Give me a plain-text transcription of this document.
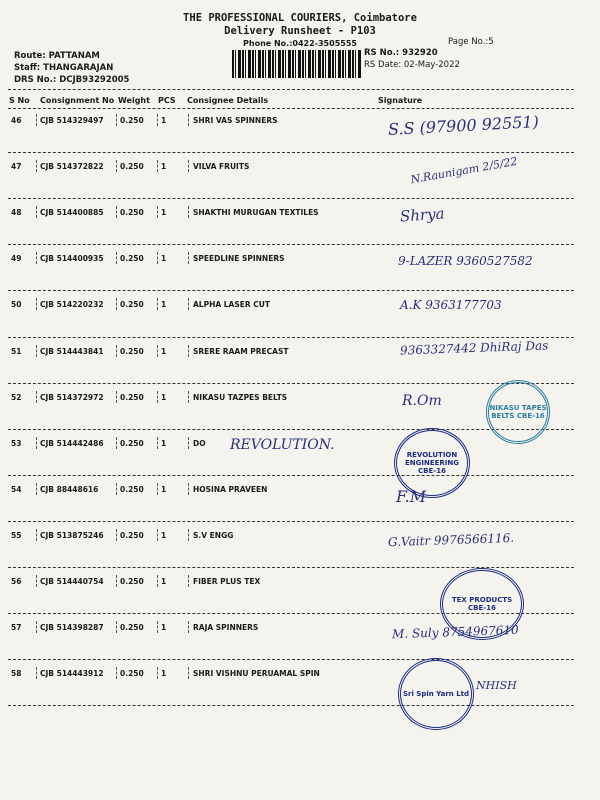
THE PROFESSIONAL COURIERS, Coimbatore
Delivery Runsheet - P103
Phone No.:0422-3505555	Page No.:5
Route: PATTANAM
Staff: THANGARAJAN
DRS No.: DCJB93292005
RS No.: 932920
RS Date: 02-May-2022
S No Consignment No Weight PCS Consignee Details	Signature
46 CJB 514329497 0.250 1	SHRI VAS SPINNERS	S.S (97900 92551)
47 CJB 514372822 0.250 1	VILVA FRUITS	N.Raunigam 2/5/22
48 CJB 514400885 0.250 1	SHAKTHI MURUGAN TEXTILES	Shrya
49 CJB 514400935 0.250 1	SPEEDLINE SPINNERS	9-LAZER 9360527582
50 CJB 514220232 0.250 1	ALPHA LASER CUT	A.K 9363177703
51 CJB 514443841 0.250 1	SRERE RAAM PRECAST	9363327442 DhiRaj Das
52 CJB 514372972 0.250 1	NIKASU TAZPES BELTS	R.Om
53 CJB 514442486 0.250 1	DO REVOLUTION.
54 CJB 88448616	0.250 1	HOSINA PRAVEEN	F.M
55 CJB 513875246 0.250 1	S.V ENGG	G.Vaitr 9976566116.
56 CJB 514440754 0.250 1	FIBER PLUS TEX
57 CJB 514398287 0.250 1	RAJA SPINNERS	M. Suly 8754967610
58 CJB 514443912 0.250 1	SHRI VISHNU PERUAMAL SPIN
NHISH
NIKASU TAPES BELTS CBE-16
REVOLUTION ENGINEERING CBE-16
TEX PRODUCTS CBE-16
Sri Spin Yarn Ltd
